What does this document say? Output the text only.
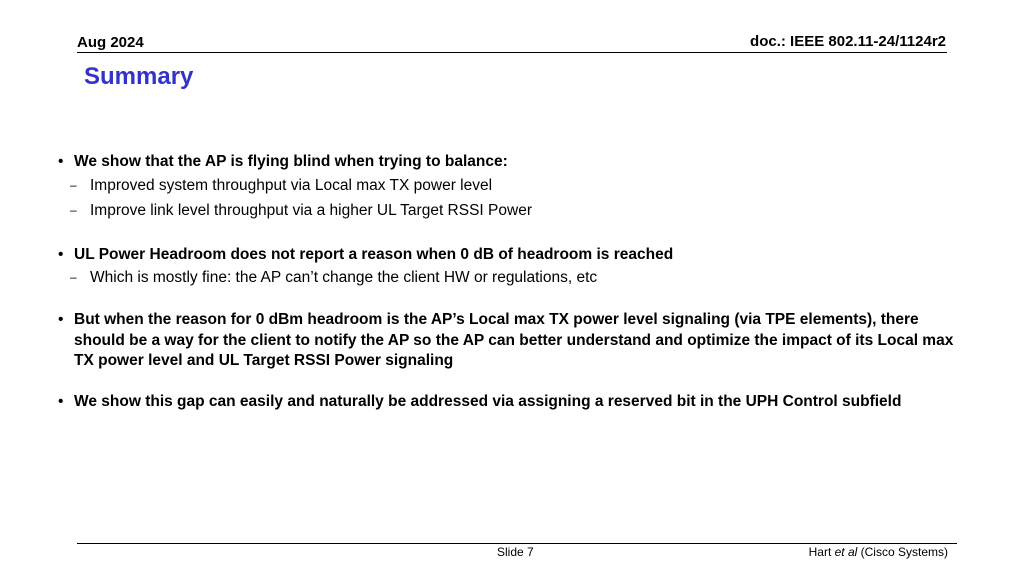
Aug 2024	doc.: IEEE 802.11-24/1124r2
Summary
• We show that the AP is flying blind when trying to balance:
– Improved system throughput via Local max TX power level
– Improve link level throughput via a higher UL Target RSSI Power
• UL Power Headroom does not report a reason when 0 dB of headroom is reached
– Which is mostly fine: the AP can’t change the client HW or regulations, etc
• But when the reason for 0 dBm headroom is the AP’s Local max TX power level signaling (via TPE elements), there should be a way for the client to notify the AP so the AP can better understand and optimize the impact of its Local max TX power level and UL Target RSSI Power signaling
• We show this gap can easily and naturally be addressed via assigning a reserved bit in the UPH Control subfield
Slide 7	Hart et al (Cisco Systems)
